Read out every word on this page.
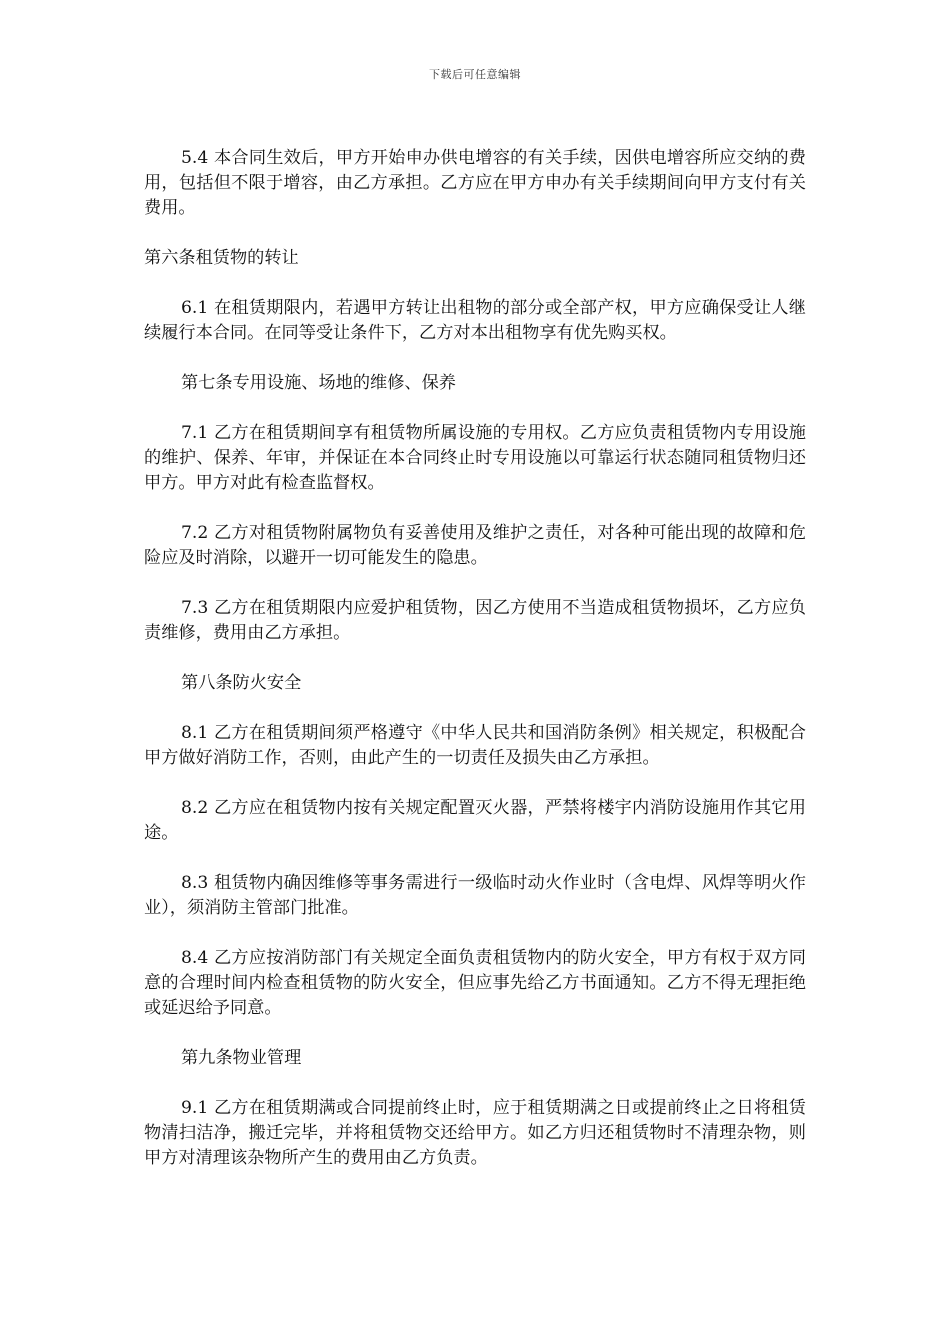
下载后可任意编辑

5.4 本合同生效后，甲方开始申办供电增容的有关手续，因供电增容所应交纳的费用，包括但不限于增容，由乙方承担。乙方应在甲方申办有关手续期间向甲方支付有关费用。

第六条租赁物的转让

6.1 在租赁期限内，若遇甲方转让出租物的部分或全部产权，甲方应确保受让人继续履行本合同。在同等受让条件下，乙方对本出租物享有优先购买权。

第七条专用设施、场地的维修、保养

7.1 乙方在租赁期间享有租赁物所属设施的专用权。乙方应负责租赁物内专用设施的维护、保养、年审，并保证在本合同终止时专用设施以可靠运行状态随同租赁物归还甲方。甲方对此有检查监督权。

7.2 乙方对租赁物附属物负有妥善使用及维护之责任，对各种可能出现的故障和危险应及时消除，以避开一切可能发生的隐患。

7.3 乙方在租赁期限内应爱护租赁物，因乙方使用不当造成租赁物损坏，乙方应负责维修，费用由乙方承担。

第八条防火安全

8.1 乙方在租赁期间须严格遵守《中华人民共和国消防条例》相关规定，积极配合甲方做好消防工作，否则，由此产生的一切责任及损失由乙方承担。

8.2 乙方应在租赁物内按有关规定配置灭火器，严禁将楼宇内消防设施用作其它用途。

8.3 租赁物内确因维修等事务需进行一级临时动火作业时（含电焊、风焊等明火作业），须消防主管部门批准。

8.4 乙方应按消防部门有关规定全面负责租赁物内的防火安全，甲方有权于双方同意的合理时间内检查租赁物的防火安全，但应事先给乙方书面通知。乙方不得无理拒绝或延迟给予同意。

第九条物业管理

9.1 乙方在租赁期满或合同提前终止时，应于租赁期满之日或提前终止之日将租赁物清扫洁净，搬迁完毕，并将租赁物交还给甲方。如乙方归还租赁物时不清理杂物，则甲方对清理该杂物所产生的费用由乙方负责。
